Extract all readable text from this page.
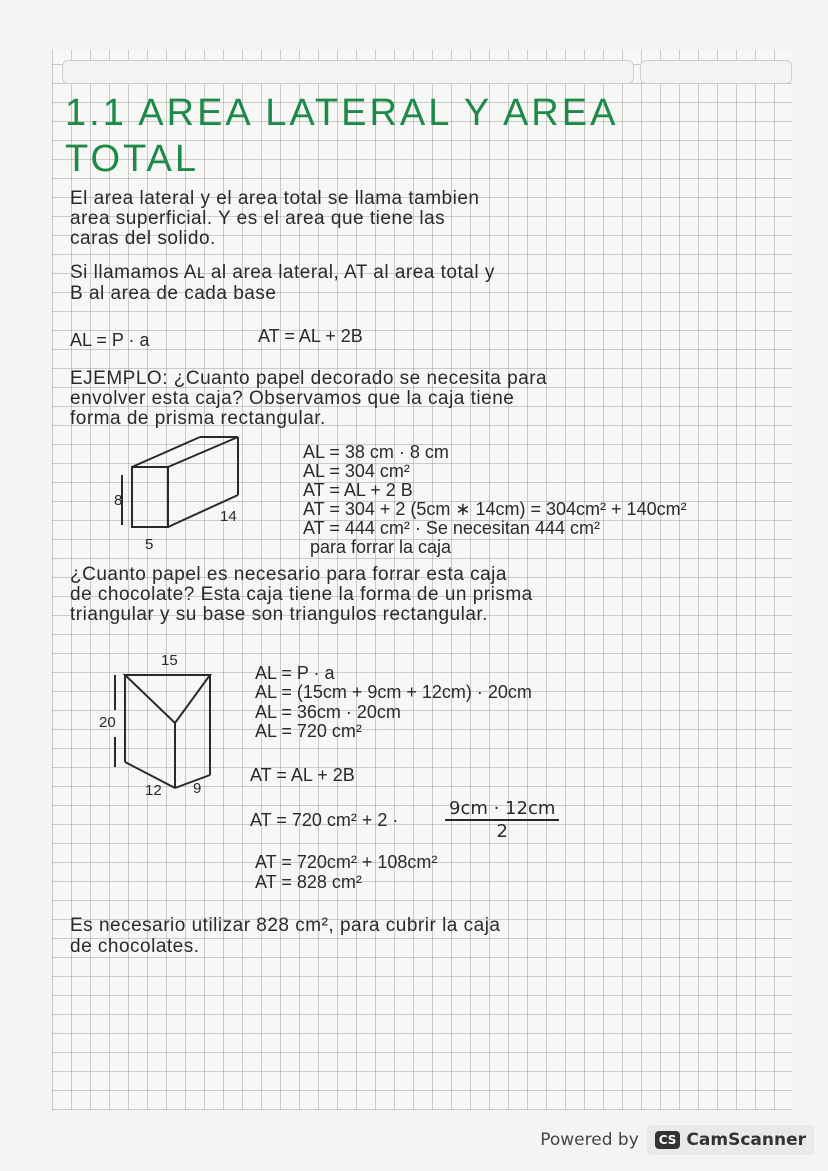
1.1 AREA LATERAL Y AREA
TOTAL
El area lateral y el area total se llama tambien
area superficial. Y es el area que tiene las
caras del solido.
Si llamamos Aʟ al area lateral, AT al area total y
B al area de cada base
AL = P · a	AT = AL + 2B
EJEMPLO: ¿Cuanto papel decorado se necesita para
envolver esta caja? Observamos que la caja tiene
forma de prisma rectangular.
8
5
14
AL = 38 cm · 8 cm
AL = 304 cm²
AT = AL + 2 B
AT = 304 + 2 (5cm ∗ 14cm) = 304cm² + 140cm²
AT = 444 cm² · Se necesitan 444 cm²
para forrar la caja
¿Cuanto papel es necesario para forrar esta caja
de chocolate? Esta caja tiene la forma de un prisma
triangular y su base son triangulos rectangular.
15
20
12 9
AL = P · a
AL = (15cm + 9cm + 12cm) · 20cm
AL = 36cm · 20cm
AL = 720 cm²
AT = AL + 2B
AT = 720 cm² + 2 ·	$\frac{9cm \cdot 12cm}{2}$
AT = 720cm² + 108cm²
AT = 828 cm²
Es necesario utilizar 828 cm², para cubrir la caja
de chocolates.
Powered by	CS CamScanner
